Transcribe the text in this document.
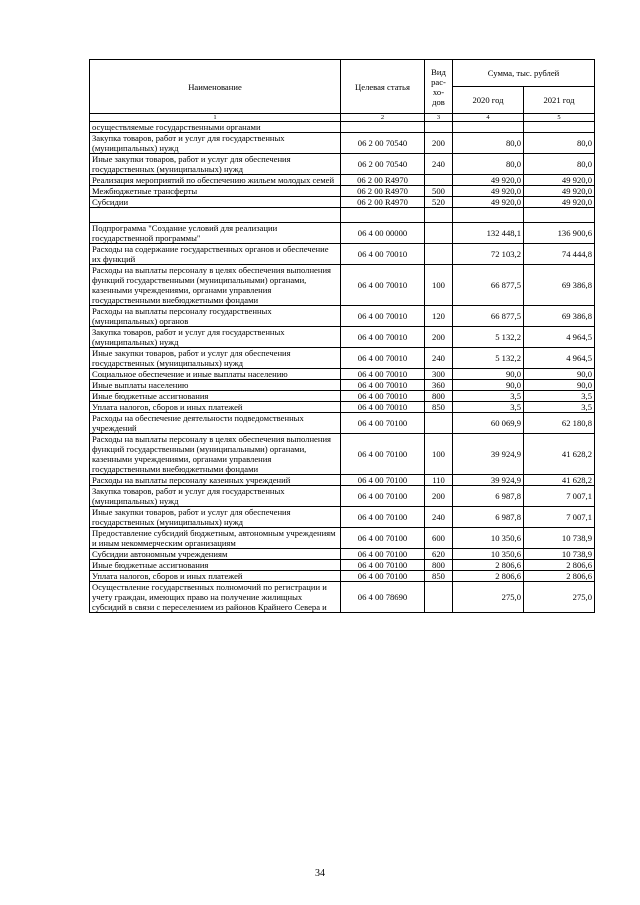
Наименование	Целевая статья	Вид рас-хо-дов	Сумма, тыс. рублей	
			2020 год	2021 год
1	2	3	4	5
осуществляемые государственными органами				
Закупка товаров, работ и услуг для государственных (муниципальных) нужд	06 2 00 70540	200	80,0	80,0
Иные закупки товаров, работ и услуг для обеспечения государственных (муниципальных) нужд	06 2 00 70540	240	80,0	80,0
Реализация мероприятий по обеспечению жильем молодых семей	06 2 00 R4970		49 920,0	49 920,0
Межбюджетные трансферты	06 2 00 R4970	500	49 920,0	49 920,0
Субсидии	06 2 00 R4970	520	49 920,0	49 920,0

Подпрограмма "Создание условий для реализации государственной программы"	06 4 00 00000		132 448,1	136 900,6
Расходы на содержание государственных органов и обеспечение их функций	06 4 00 70010		72 103,2	74 444,8
Расходы на выплаты персоналу в целях обеспечения выполнения функций государственными (муниципальными) органами, казенными учреждениями, органами управления государственными внебюджетными фондами	06 4 00 70010	100	66 877,5	69 386,8
Расходы на выплаты персоналу государственных (муниципальных) органов	06 4 00 70010	120	66 877,5	69 386,8
Закупка товаров, работ и услуг для государственных (муниципальных) нужд	06 4 00 70010	200	5 132,2	4 964,5
Иные закупки товаров, работ и услуг для обеспечения государственных (муниципальных) нужд	06 4 00 70010	240	5 132,2	4 964,5
Социальное обеспечение и иные выплаты населению	06 4 00 70010	300	90,0	90,0
Иные выплаты населению	06 4 00 70010	360	90,0	90,0
Иные бюджетные ассигнования	06 4 00 70010	800	3,5	3,5
Уплата налогов, сборов и иных платежей	06 4 00 70010	850	3,5	3,5
Расходы на обеспечение деятельности подведомственных учреждений	06 4 00 70100		60 069,9	62 180,8
Расходы на выплаты персоналу в целях обеспечения выполнения функций государственными (муниципальными) органами, казенными учреждениями, органами управления государственными внебюджетными фондами	06 4 00 70100	100	39 924,9	41 628,2
Расходы на выплаты персоналу казенных учреждений	06 4 00 70100	110	39 924,9	41 628,2
Закупка товаров, работ и услуг для государственных (муниципальных) нужд	06 4 00 70100	200	6 987,8	7 007,1
Иные закупки товаров, работ и услуг для обеспечения государственных (муниципальных) нужд	06 4 00 70100	240	6 987,8	7 007,1
Предоставление субсидий бюджетным, автономным учреждениям и иным некоммерческим организациям	06 4 00 70100	600	10 350,6	10 738,9
Субсидии автономным учреждениям	06 4 00 70100	620	10 350,6	10 738,9
Иные бюджетные ассигнования	06 4 00 70100	800	2 806,6	2 806,6
Уплата налогов, сборов и иных платежей	06 4 00 70100	850	2 806,6	2 806,6
Осуществление государственных полномочий по регистрации и учету граждан, имеющих право на получение жилищных субсидий в связи с переселением из районов Крайнего Севера и	06 4 00 78690		275,0	275,0
34
